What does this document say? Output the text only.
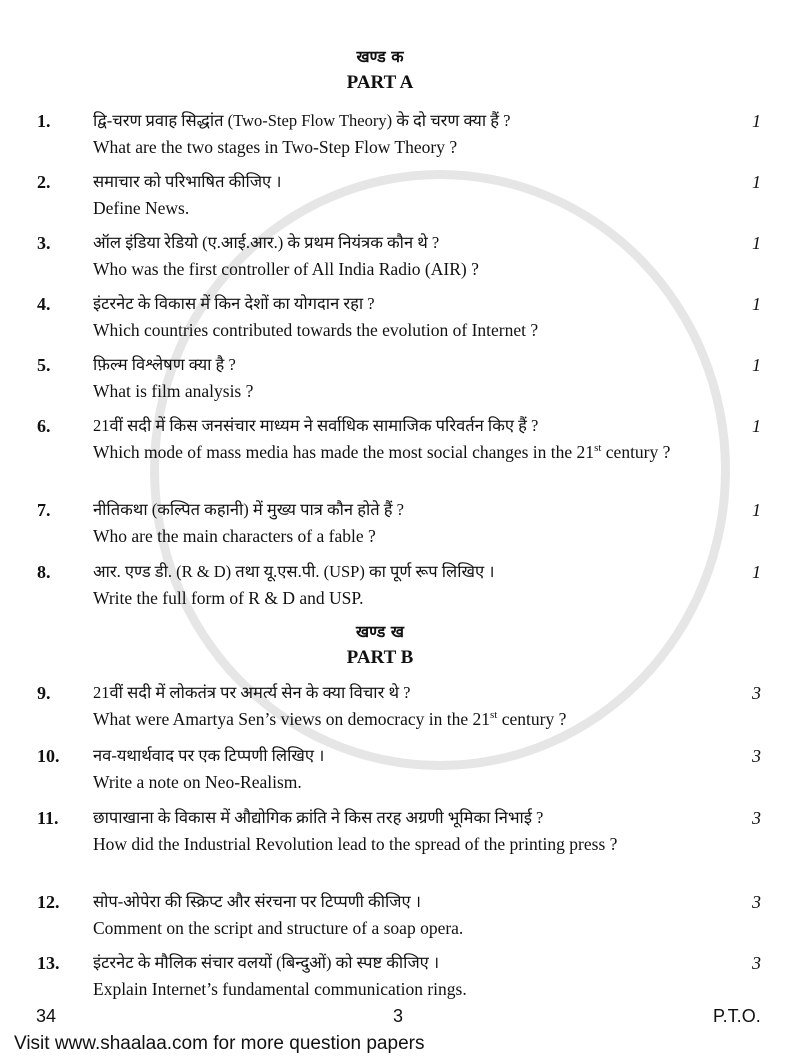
खण्ड क
PART A
खण्ड ख
PART B
1.	द्वि-चरण प्रवाह सिद्धांत (Two-Step Flow Theory) के दो चरण क्या हैं ?
What are the two stages in Two-Step Flow Theory ?
1
2.	समाचार को परिभाषित कीजिए ।
Define News.
1
3.	ऑल इंडिया रेडियो (ए.आई.आर.) के प्रथम नियंत्रक कौन थे ?
Who was the first controller of All India Radio (AIR) ?
1
4.	इंटरनेट के विकास में किन देशों का योगदान रहा ?
Which countries contributed towards the evolution of Internet ?
1
5.	फ़िल्म विश्लेषण क्या है ?
What is film analysis ?
1
6.	21वीं सदी में किस जनसंचार माध्यम ने सर्वाधिक सामाजिक परिवर्तन किए हैं ?
Which mode of mass media has made the most social changes in the 21st century ?
1
7.	नीतिकथा (कल्पित कहानी) में मुख्य पात्र कौन होते हैं ?
Who are the main characters of a fable ?
1
8.	आर. एण्ड डी. (R & D) तथा यू.एस.पी. (USP) का पूर्ण रूप लिखिए ।
Write the full form of R & D and USP.
1
9.	21वीं सदी में लोकतंत्र पर अमर्त्य सेन के क्या विचार थे ?
What were Amartya Sen’s views on democracy in the 21st century ?
3
10. नव-यथार्थवाद पर एक टिप्पणी लिखिए ।
Write a note on Neo-Realism.
3
11. छापाखाना के विकास में औद्योगिक क्रांति ने किस तरह अग्रणी भूमिका निभाई ?
How did the Industrial Revolution lead to the spread of the printing press ?
3
12. सोप-ओपेरा की स्क्रिप्ट और संरचना पर टिप्पणी कीजिए ।
Comment on the script and structure of a soap opera.
3
13. इंटरनेट के मौलिक संचार वलयों (बिन्दुओं) को स्पष्ट कीजिए ।
Explain Internet’s fundamental communication rings.
3
34	3	P.T.O.
Visit www.shaalaa.com for more question papers
